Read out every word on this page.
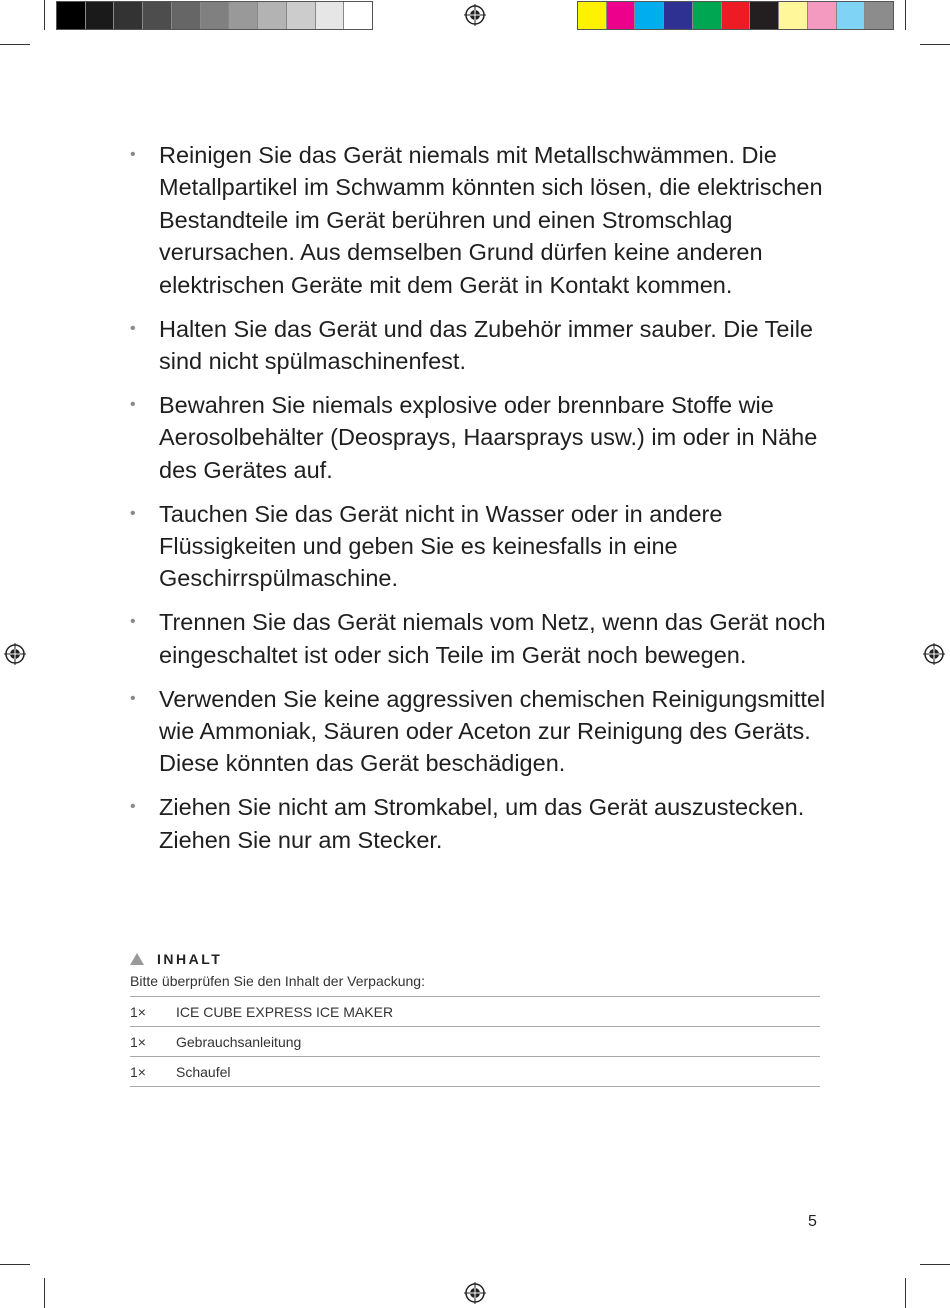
• Reinigen Sie das Gerät niemals mit Metallschwämmen. Die Metallpartikel im Schwamm könnten sich lösen, die elektrischen Bestandteile im Gerät berühren und einen Stromschlag verursachen. Aus demselben Grund dürfen keine anderen elektrischen Geräte mit dem Gerät in Kontakt kommen.
• Halten Sie das Gerät und das Zubehör immer sauber. Die Teile sind nicht spülmaschinenfest.
• Bewahren Sie niemals explosive oder brennbare Stoffe wie Aerosolbehälter (Deosprays, Haarsprays usw.) im oder in Nähe des Gerätes auf.
• Tauchen Sie das Gerät nicht in Wasser oder in andere Flüssigkeiten und geben Sie es keinesfalls in eine Geschirrspülmaschine.
• Trennen Sie das Gerät niemals vom Netz, wenn das Gerät noch eingeschaltet ist oder sich Teile im Gerät noch bewegen.
• Verwenden Sie keine aggressiven chemischen Reinigungsmittel wie Ammoniak, Säuren oder Aceton zur Reinigung des Geräts. Diese könnten das Gerät beschädigen.
• Ziehen Sie nicht am Stromkabel, um das Gerät auszustecken. Ziehen Sie nur am Stecker.
INHALT
Bitte überprüfen Sie den Inhalt der Verpackung:
1×	ICE CUBE EXPRESS ICE MAKER
1×	Gebrauchsanleitung
1×	Schaufel
5
